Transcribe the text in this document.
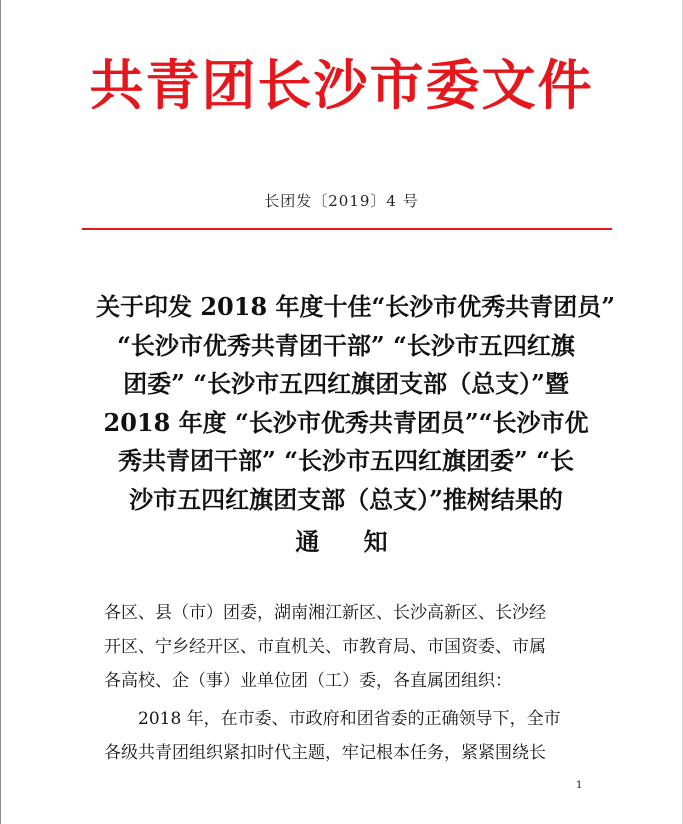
共青团长沙市委文件
长团发〔2019〕4 号
关于印发 2018 年度十佳“长沙市优秀共青团员”
“长沙市优秀共青团干部” “长沙市五四红旗
团委” “长沙市五四红旗团支部（总支）”暨
2018 年度 “长沙市优秀共青团员”“长沙市优
秀共青团干部” “长沙市五四红旗团委” “长
沙市五四红旗团支部（总支）”推树结果的
通 知
各区、县（市）团委，湖南湘江新区、长沙高新区、长沙经
开区、宁乡经开区、市直机关、市教育局、市国资委、市属
各高校、企（事）业单位团（工）委，各直属团组织：
　　2018 年，在市委、市政府和团省委的正确领导下，全市
各级共青团组织紧扣时代主题，牢记根本任务，紧紧围绕长
1
